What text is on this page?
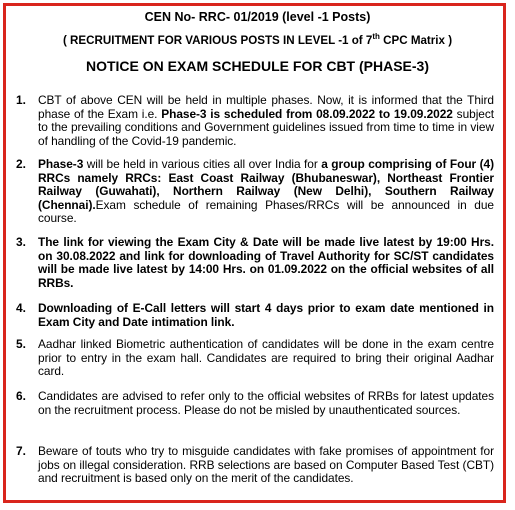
CEN No- RRC- 01/2019 (level -1 Posts)
( RECRUITMENT FOR VARIOUS POSTS IN LEVEL -1 of 7th CPC Matrix )
NOTICE ON EXAM SCHEDULE FOR CBT (PHASE-3)
1.	CBT of above CEN will be held in multiple phases. Now, it is informed that the Third phase of the Exam i.e. Phase-3 is scheduled from 08.09.2022 to 19.09.2022 subject to the prevailing conditions and Government guidelines issued from time to time in view of handling of the Covid-19 pandemic.
2.	Phase-3 will be held in various cities all over India for a group comprising of Four (4) RRCs namely RRCs: East Coast Railway (Bhubaneswar), Northeast Frontier Railway (Guwahati), Northern Railway (New Delhi), Southern Railway (Chennai).Exam schedule of remaining Phases/RRCs will be announced in due course.
3.	The link for viewing the Exam City & Date will be made live latest by 19:00 Hrs. on 30.08.2022 and link for downloading of Travel Authority for SC/ST candidates will be made live latest by 14:00 Hrs. on 01.09.2022 on the official websites of all RRBs.
4.	Downloading of E-Call letters will start 4 days prior to exam date mentioned in Exam City and Date intimation link.
5.	Aadhar linked Biometric authentication of candidates will be done in the exam centre prior to entry in the exam hall. Candidates are required to bring their original Aadhar card.
6.	Candidates are advised to refer only to the official websites of RRBs for latest updates on the recruitment process. Please do not be misled by unauthenticated sources.
7.	Beware of touts who try to misguide candidates with fake promises of appointment for jobs on illegal consideration. RRB selections are based on Computer Based Test (CBT) and recruitment is based only on the merit of the candidates.
